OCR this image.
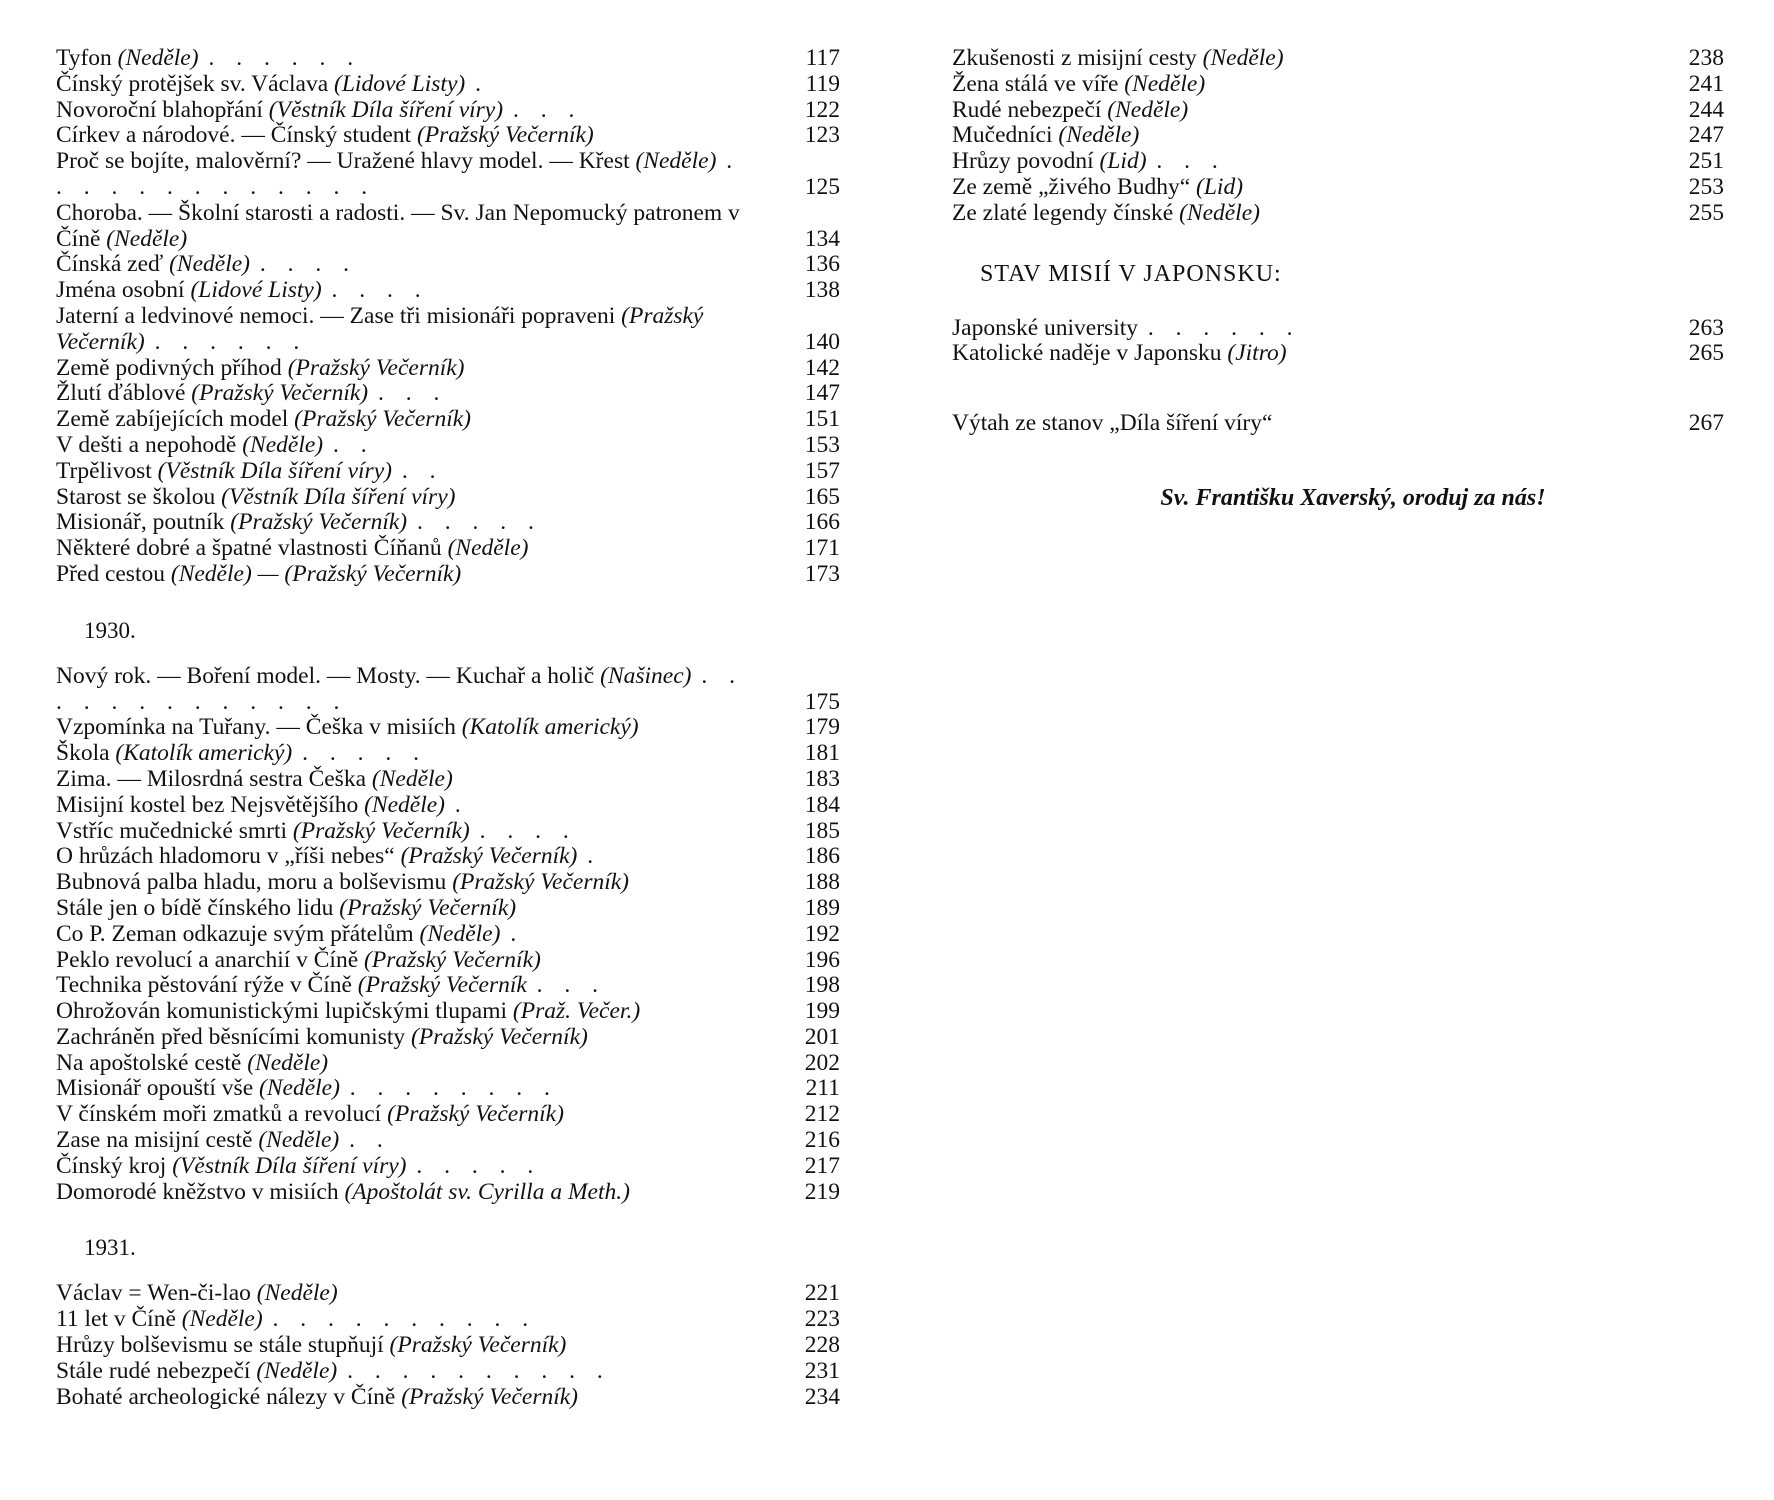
Tyfon (Neděle) . . . . . .	117
Čínský protějšek sv. Václava (Lidové Listy) .	119
Novoroční blahopřání (Věstník Díla šíření víry) . . .	122
Církev a národové. — Čínský student (Pražský Večerník)	123
Proč se bojíte, malověrní? — Uražené hlavy model. — Křest (Neděle) . . . . . . . . . . . . .	125
Choroba. — Školní starosti a radosti. — Sv. Jan Nepomucký patronem v Číně (Neděle)	134
Čínská zeď (Neděle) . . . .	136
Jména osobní (Lidové Listy) . . . .	138
Jaterní a ledvinové nemoci. — Zase tři misionáři popraveni (Pražský Večerník) . . . . . .	140
Země podivných příhod (Pražský Večerník)	142
Žlutí ďáblové (Pražský Večerník) . . .	147
Země zabíjejících model (Pražský Večerník)	151
V dešti a nepohodě (Neděle) . .	153
Trpělivost (Věstník Díla šíření víry) . .	157
Starost se školou (Věstník Díla šíření víry)	165
Misionář, poutník (Pražský Večerník) . . . . .	166
Některé dobré a špatné vlastnosti Číňanů (Neděle)	171
Před cestou (Neděle) — (Pražský Večerník)	173
1930.
Nový rok. — Boření model. — Mosty. — Kuchař a holič (Našinec) . . . . . . . . . . . . .	175
Vzpomínka na Tuřany. — Češka v misiích (Katolík americký)	179
Škola (Katolík americký) . . . . .	181
Zima. — Milosrdná sestra Češka (Neděle)	183
Misijní kostel bez Nejsvětějšího (Neděle) .	184
Vstříc mučednické smrti (Pražský Večerník) . . . .	185
O hrůzách hladomoru v „říši nebes“ (Pražský Večerník) .	186
Bubnová palba hladu, moru a bolševismu (Pražský Večerník)	188
Stále jen o bídě čínského lidu (Pražský Večerník)	189
Co P. Zeman odkazuje svým přátelům (Neděle) .	192
Peklo revolucí a anarchií v Číně (Pražský Večerník)	196
Technika pěstování rýže v Číně (Pražský Večerník . . .	198
Ohrožován komunistickými lupičskými tlupami (Praž. Večer.)	199
Zachráněn před běsnícími komunisty (Pražský Večerník)	201
Na apoštolské cestě (Neděle)	202
Misionář opouští vše (Neděle) . . . . . . . .	211
V čínském moři zmatků a revolucí (Pražský Večerník)	212
Zase na misijní cestě (Neděle) . .	216
Čínský kroj (Věstník Díla šíření víry) . . . . .	217
Domorodé kněžstvo v misiích (Apoštolát sv. Cyrilla a Meth.)	219
1931.
Václav = Wen-či-lao (Neděle)	221
11 let v Číně (Neděle) . . . . . . . . . .	223
Hrůzy bolševismu se stále stupňují (Pražský Večerník)	228
Stále rudé nebezpečí (Neděle) . . . . . . . . . .	231
Bohaté archeologické nálezy v Číně (Pražský Večerník)	234
Zkušenosti z misijní cesty (Neděle)	238
Žena stálá ve víře (Neděle)	241
Rudé nebezpečí (Neděle)	244
Mučedníci (Neděle)	247
Hrůzy povodní (Lid) . . .	251
Ze země „živého Budhy“ (Lid)	253
Ze zlaté legendy čínské (Neděle)	255
STAV MISIÍ V JAPONSKU:
Japonské university . . . . . .	263
Katolické naděje v Japonsku (Jitro)	265
Výtah ze stanov „Díla šíření víry“	267
Sv. Františku Xaverský, oroduj za nás!
